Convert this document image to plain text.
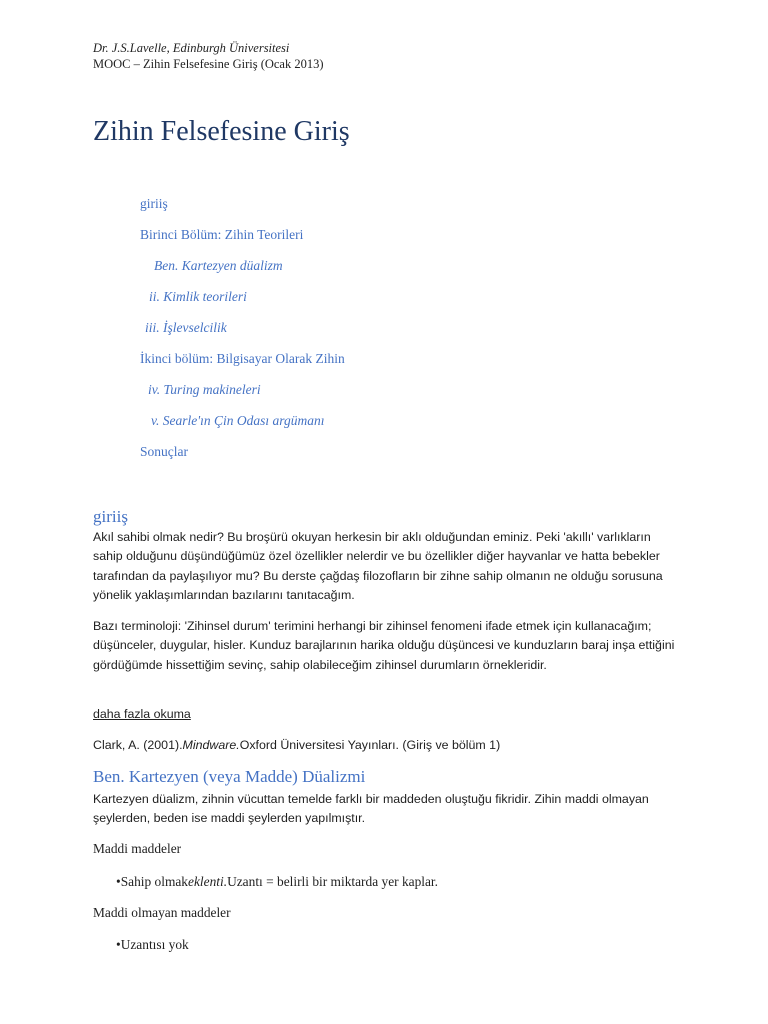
Dr. J.S.Lavelle, Edinburgh Üniversitesi
MOOC – Zihin Felsefesine Giriş (Ocak 2013)
Zihin Felsefesine Giriş
giriiş
Birinci Bölüm: Zihin Teorileri
Ben. Kartezyen düalizm
ii. Kimlik teorileri
iii. İşlevselcilik
İkinci bölüm: Bilgisayar Olarak Zihin
iv. Turing makineleri
v. Searle'ın Çin Odası argümanı
Sonuçlar
giriiş

Akıl sahibi olmak nedir? Bu broşürü okuyan herkesin bir aklı olduğundan eminiz. Peki 'akıllı' varlıkların sahip olduğunu düşündüğümüz özel özellikler nelerdir ve bu özellikler diğer hayvanlar ve hatta bebekler tarafından da paylaşılıyor mu? Bu derste çağdaş filozofların bir zihne sahip olmanın ne olduğu sorusuna yönelik yaklaşımlarından bazılarını tanıtacağım.

Bazı terminoloji: 'Zihinsel durum' terimini herhangi bir zihinsel fenomeni ifade etmek için kullanacağım; düşünceler, duygular, hisler. Kunduz barajlarının harika olduğu düşüncesi ve kunduzların baraj inşa ettiğini gördüğümde hissettiğim sevinç, sahip olabileceğim zihinsel durumların örnekleridir.

daha fazla okuma

Clark, A. (2001).Mindware.Oxford Üniversitesi Yayınları. (Giriş ve bölüm 1)

Ben. Kartezyen (veya Madde) Düalizmi

Kartezyen düalizm, zihnin vücuttan temelde farklı bir maddeden oluştuğu fikridir. Zihin maddi olmayan şeylerden, beden ise maddi şeylerden yapılmıştır.

Maddi maddeler
•Sahip olmakeklenti.Uzantı = belirli bir miktarda yer kaplar.
Maddi olmayan maddeler
•Uzantısı yok
